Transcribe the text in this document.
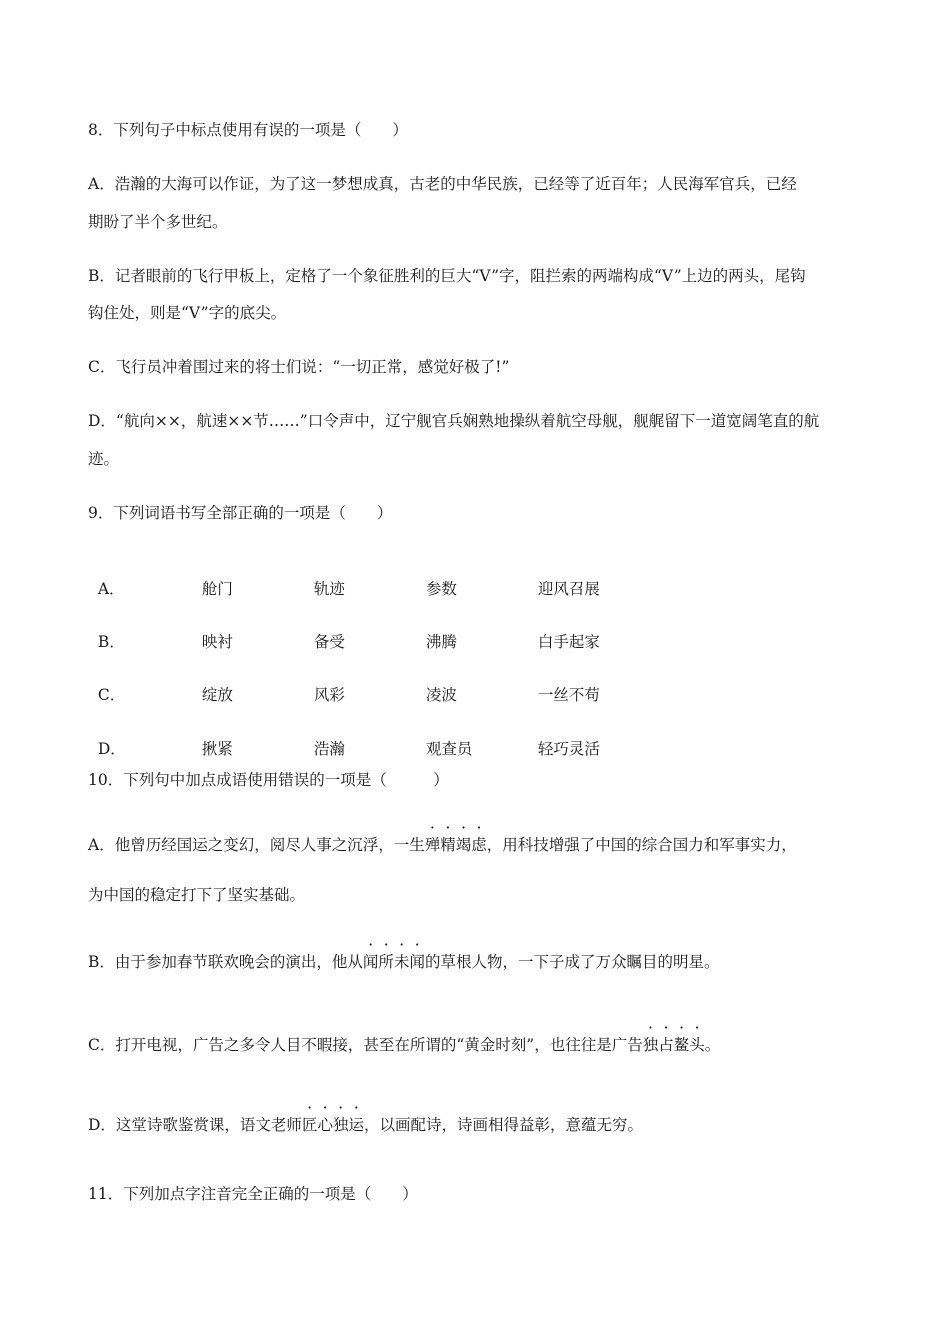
8．下列句子中标点使用有误的一项是（　　）
A．浩瀚的大海可以作证，为了这一梦想成真，古老的中华民族，已经等了近百年；人民海军官兵，已经
期盼了半个多世纪。
B．记者眼前的飞行甲板上，定格了一个象征胜利的巨大“V”字，阻拦索的两端构成“V”上边的两头，尾钩
钩住处，则是“V”字的底尖。
C．飞行员冲着围过来的将士们说：“一切正常，感觉好极了!”
D．“航向××，航速××节……”口令声中，辽宁舰官兵娴熟地操纵着航空母舰，舰艉留下一道宽阔笔直的航
迹。
9．下列词语书写全部正确的一项是（　　）

A．	舱门	轨迹	参数	迎风召展

B．	映衬	备受	沸腾	白手起家

C．	绽放	风彩	凌波	一丝不苟

D．	揪紧	浩瀚	观查员	轻巧灵活

10．下列句中加点成语使用错误的一项是（　　　）
A．他曾历经国运之变幻，阅尽人事之沉浮，一生殚精竭虑，用科技增强了中国的综合国力和军事实力，
为中国的稳定打下了坚实基础。
B．由于参加春节联欢晚会的演出，他从闻所未闻的草根人物，一下子成了万众瞩目的明星。
C．打开电视，广告之多令人目不暇接，甚至在所谓的“黄金时刻”，也往往是广告独占鳌头。
D．这堂诗歌鉴赏课，语文老师匠心独运，以画配诗，诗画相得益彰，意蕴无穷。
11．下列加点字注音完全正确的一项是（　　）
